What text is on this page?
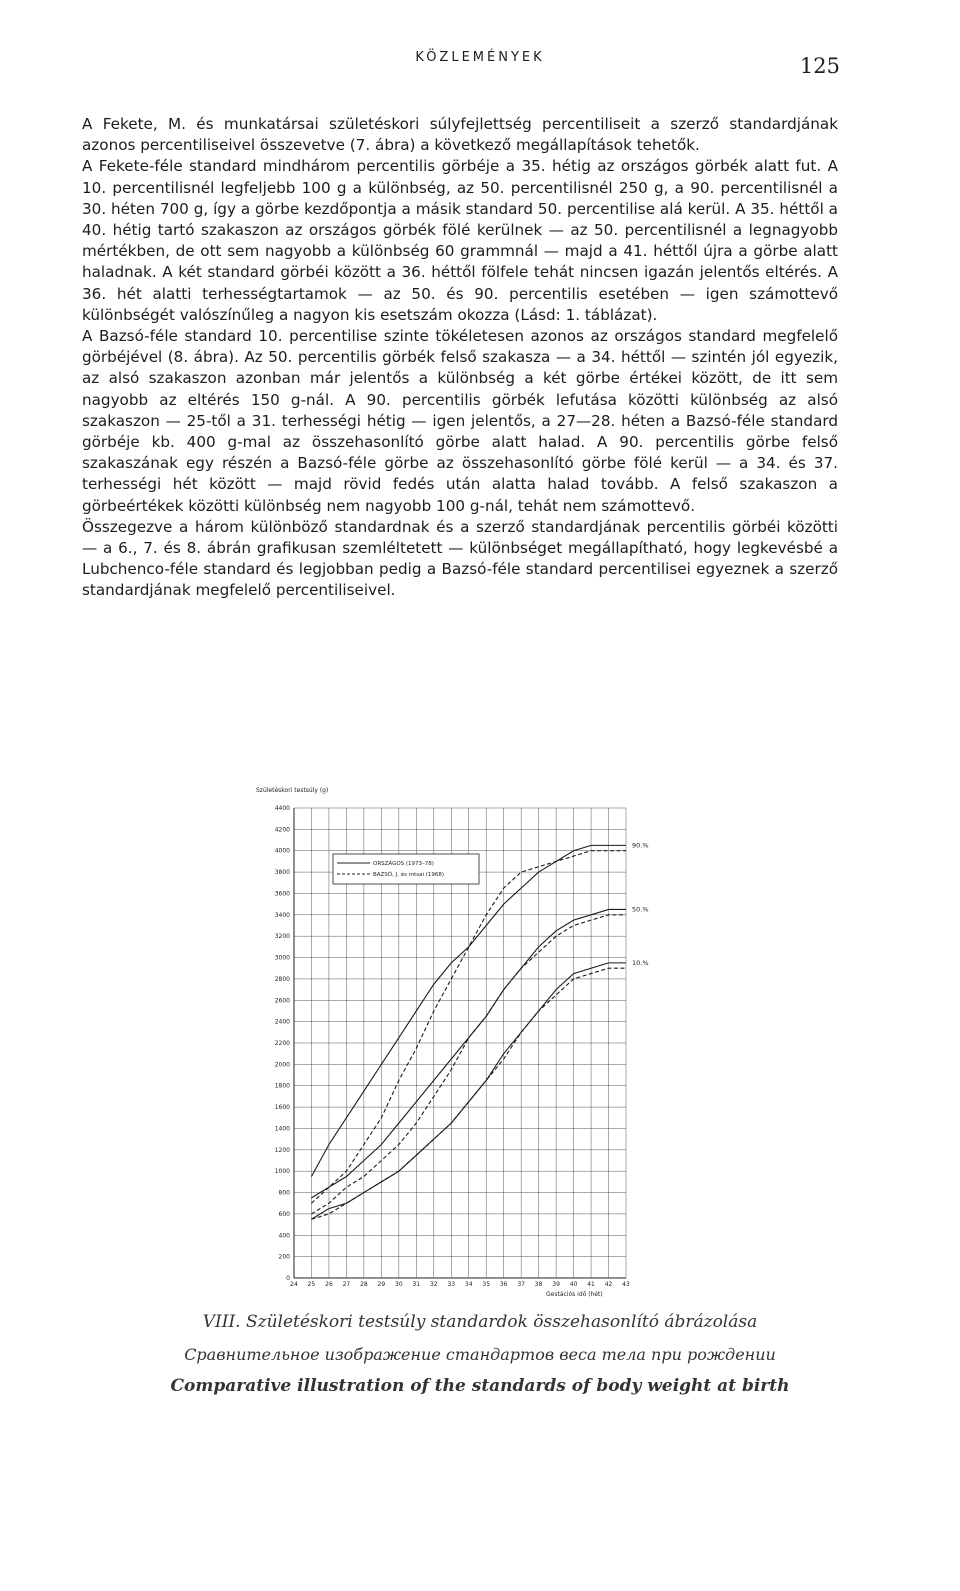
KÖZLEMÉNYEK	125

A Fekete, M. és munkatársai születéskori súlyfejlettség percentiliseit a szerző standardjának azonos percentiliseivel összevetve (7. ábra) a következő megállapítások tehetők.

A Fekete-féle standard mindhárom percentilis görbéje a 35. hétig az országos görbék alatt fut. A 10. percentilisnél legfeljebb 100 g a különbség, az 50. percentilisnél 250 g, a 90. percentilisnél a 30. héten 700 g, így a görbe kezdőpontja a másik standard 50. percentilise alá kerül. A 35. héttől a 40. hétig tartó szakaszon az országos görbék fölé kerülnek — az 50. percentilisnél a legnagyobb mértékben, de ott sem nagyobb a különbség 60 grammnál — majd a 41. héttől újra a görbe alatt haladnak. A két standard görbéi között a 36. héttől fölfele tehát nincsen igazán jelentős eltérés. A 36. hét alatti terhességtartamok — az 50. és 90. percentilis esetében — igen számottevő különbségét valószínűleg a nagyon kis esetszám okozza (Lásd: 1. táblázat).

A Bazsó-féle standard 10. percentilise szinte tökéletesen azonos az országos standard megfelelő görbéjével (8. ábra). Az 50. percentilis görbék felső szakasza — a 34. héttől — szintén jól egyezik, az alsó szakaszon azonban már jelentős a különbség a két görbe értékei között, de itt sem nagyobb az eltérés 150 g-nál. A 90. percentilis görbék lefutása közötti különbség az alsó szakaszon — 25-től a 31. terhességi hétig — igen jelentős, a 27—28. héten a Bazsó-féle standard görbéje kb. 400 g-mal az összehasonlító görbe alatt halad. A 90. percentilis görbe felső szakaszának egy részén a Bazsó-féle görbe az összehasonlító görbe fölé kerül — a 34. és 37. terhességi hét között — majd rövid fedés után alatta halad tovább. A felső szakaszon a görbeértékek közötti különbség nem nagyobb 100 g-nál, tehát nem számottevő.

Összegezve a három különböző standardnak és a szerző standardjának percentilis görbéi közötti — a 6., 7. és 8. ábrán grafikusan szemléltetett — különbséget megállapítható, hogy legkevésbé a Lubchenco-féle standard és legjobban pedig a Bazsó-féle standard percentilisei egyeznek a szerző standardjának megfelelő percentiliseivel.

Születéskori testsúly (g)
Gestációs idő (hét)
4400
4200
4000
3800
3600
3400
3200
3000
2800
2600
2400
2200
2000
1800
1600
1400
1200
1000
800
600
400
200
0
24 25 26 27 28 29 30 31 32 33 34 35 36 37 38 39 40 41 42 43
90.%
50.%
10.%
ORSZÁGOS (1973–78)
BAZSÓ, J. és mtsai (1968)
VIII. Születéskori testsúly standardok összehasonlító ábrázolása
Сравнительное изображение стандартов веса тела при рождении
Comparative illustration of the standards of body weight at birth
